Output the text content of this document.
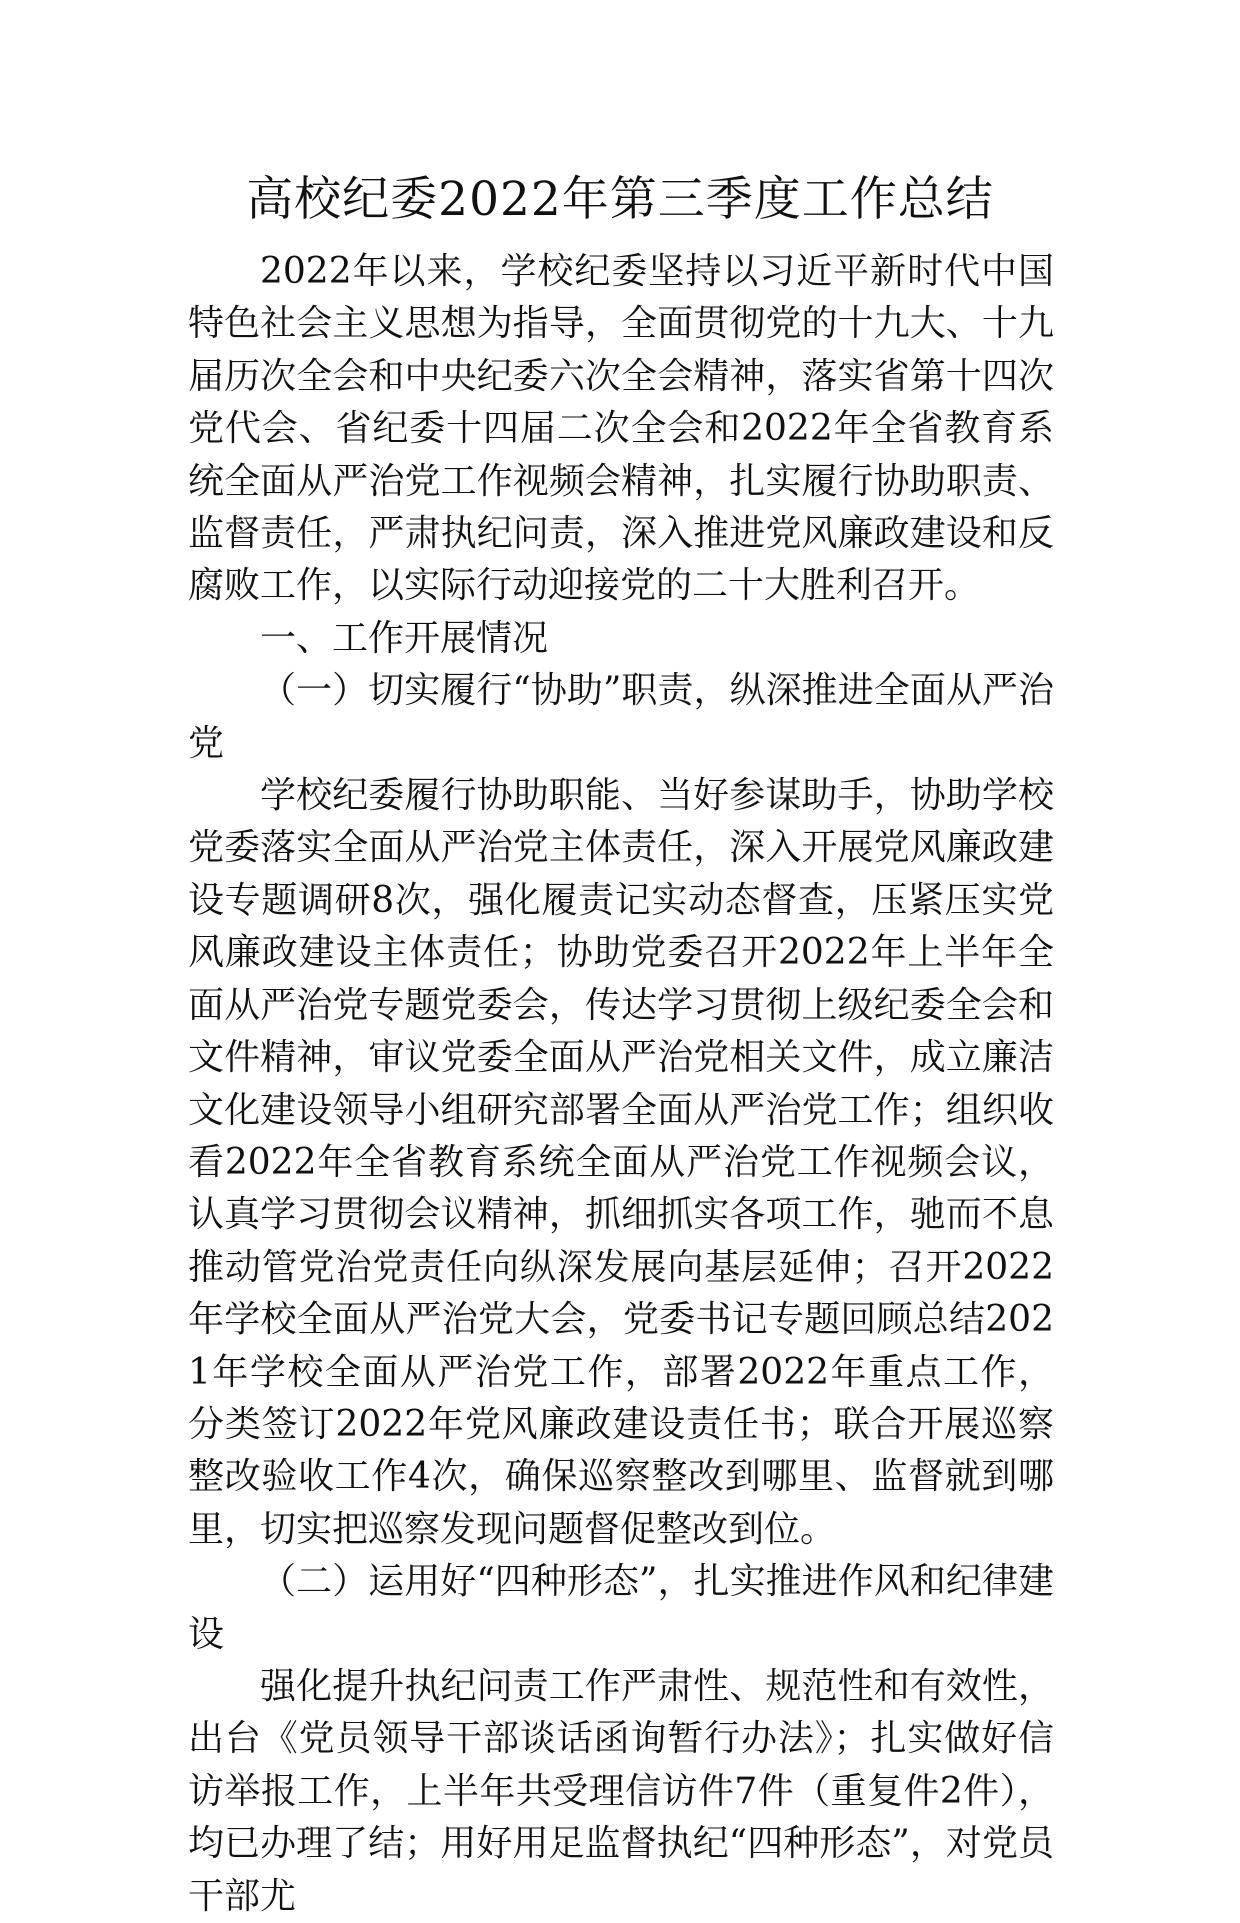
高校纪委2022年第三季度工作总结

2022年以来，学校纪委坚持以习近平新时代中国特色社会主义思想为指导，全面贯彻党的十九大、十九届历次全会和中央纪委六次全会精神，落实省第十四次党代会、省纪委十四届二次全会和2022年全省教育系统全面从严治党工作视频会精神，扎实履行协助职责、监督责任，严肃执纪问责，深入推进党风廉政建设和反腐败工作，以实际行动迎接党的二十大胜利召开。

一、工作开展情况

（一）切实履行“协助”职责，纵深推进全面从严治党

学校纪委履行协助职能、当好参谋助手，协助学校党委落实全面从严治党主体责任，深入开展党风廉政建设专题调研8次，强化履责记实动态督查，压紧压实党风廉政建设主体责任；协助党委召开2022年上半年全面从严治党专题党委会，传达学习贯彻上级纪委全会和文件精神，审议党委全面从严治党相关文件，成立廉洁文化建设领导小组研究部署全面从严治党工作；组织收看2022年全省教育系统全面从严治党工作视频会议，认真学习贯彻会议精神，抓细抓实各项工作，驰而不息推动管党治党责任向纵深发展向基层延伸；召开2022年学校全面从严治党大会，党委书记专题回顾总结2021年学校全面从严治党工作，部署2022年重点工作，分类签订2022年党风廉政建设责任书；联合开展巡察整改验收工作4次，确保巡察整改到哪里、监督就到哪里，切实把巡察发现问题督促整改到位。

（二）运用好“四种形态”，扎实推进作风和纪律建设

强化提升执纪问责工作严肃性、规范性和有效性，出台《党员领导干部谈话函询暂行办法》；扎实做好信访举报工作，上半年共受理信访件7件（重复件2件），均已办理了结；用好用足监督执纪“四种形态”，对党员干部尤
